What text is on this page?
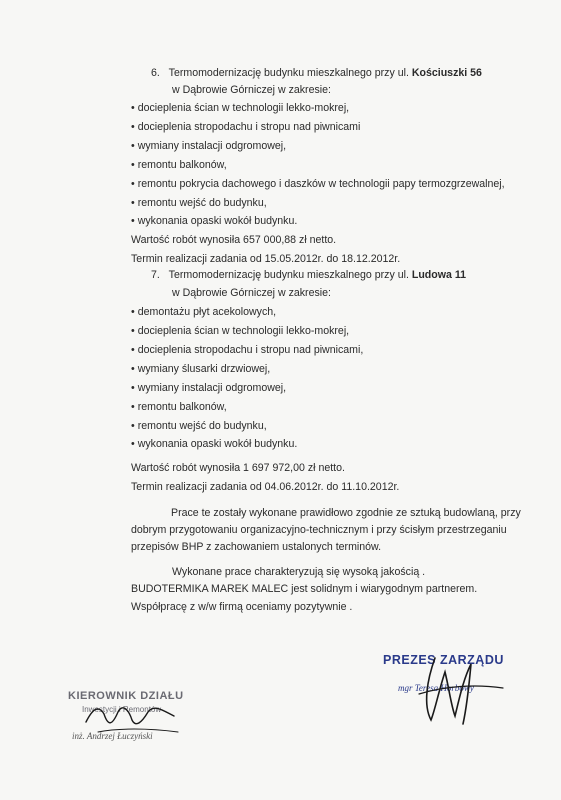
6.   Termomodernizację budynku mieszkalnego przy ul. Kościuszki 56
w Dąbrowie Górniczej w zakresie:
• docieplenia ścian w technologii lekko-mokrej,
• docieplenia stropodachu i stropu nad piwnicami
• wymiany instalacji odgromowej,
• remontu balkonów,
• remontu pokrycia dachowego i daszków w technologii papy termozgrzewalnej,
• remontu wejść do budynku,
• wykonania opaski wokół budynku.
Wartość robót wynosiła 657 000,88 zł netto.
Termin realizacji zadania od 15.05.2012r. do 18.12.2012r.
7.   Termomodernizację budynku mieszkalnego przy ul. Ludowa 11
w Dąbrowie Górniczej w zakresie:
• demontażu płyt acekolowych,
• docieplenia ścian w technologii lekko-mokrej,
• docieplenia stropodachu i stropu nad piwnicami,
• wymiany ślusarki drzwiowej,
• wymiany instalacji odgromowej,
• remontu balkonów,
• remontu wejść do budynku,
• wykonania opaski wokół budynku.
Wartość robót wynosiła 1 697 972,00 zł netto.
Termin realizacji zadania od 04.06.2012r. do 11.10.2012r.
Prace te zostały wykonane prawidłowo zgodnie ze sztuką budowlaną, przy
dobrym przygotowaniu organizacyjno-technicznym i przy ścisłym przestrzeganiu
przepisów BHP z zachowaniem ustalonych terminów.
Wykonane prace charakteryzują się wysoką jakością .
BUDOTERMIKA MAREK MALEC jest solidnym i wiarygodnym partnerem.
Współpracę z w/w firmą oceniamy pozytywnie .
PREZES ZARZĄDU
mgr Teresa Horbowy
KIEROWNIK DZIAŁU
Inwestycji i Remontów
inż. Andrzej Łuczyński
